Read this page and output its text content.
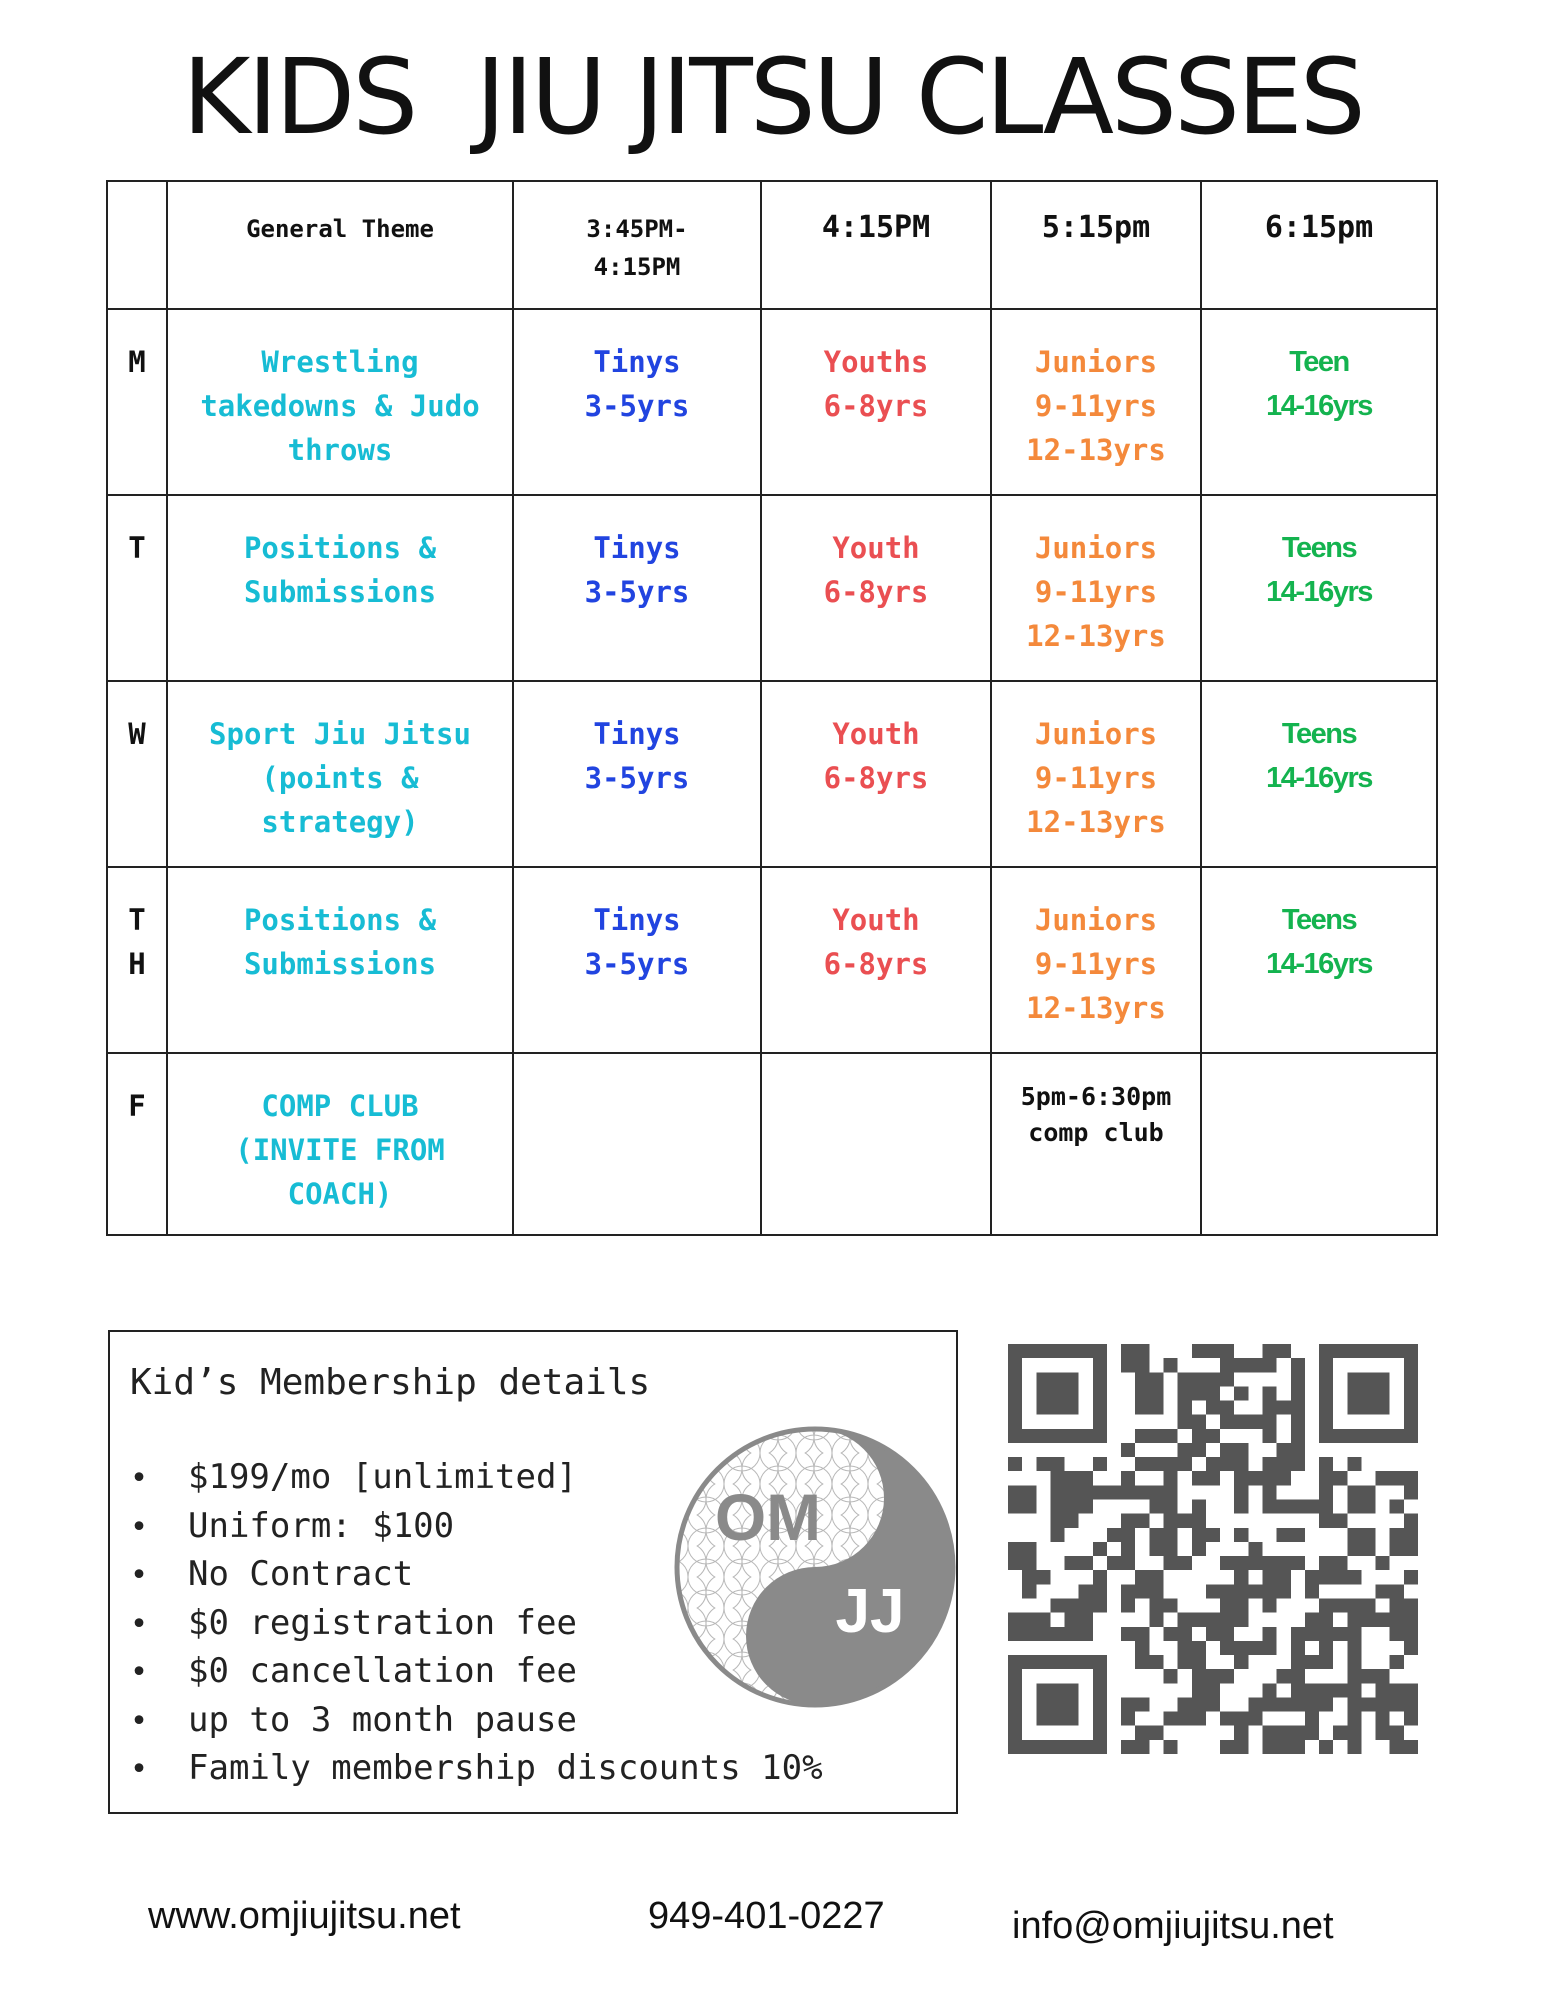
KIDS  JIU JITSU CLASSES
	General Theme	3:45PM-
4:15PM	4:15PM	5:15pm	6:15pm
M	Wrestling
takedowns & Judo
throws	Tinys
3-5yrs	Youths
6-8yrs	Juniors
9-11yrs
12-13yrs	Teen
14-16yrs

T	Positions &
Submissions	Tinys
3-5yrs	Youth
6-8yrs	Juniors
9-11yrs
12-13yrs	Teens
14-16yrs

W	Sport Jiu Jitsu
(points &
strategy)	Tinys
3-5yrs	Youth
6-8yrs	Juniors
9-11yrs
12-13yrs	Teens
14-16yrs

T
H	Positions &
Submissions	Tinys
3-5yrs	Youth
6-8yrs	Juniors
9-11yrs
12-13yrs	Teens
14-16yrs

F	COMP CLUB
(INVITE FROM
COACH)			5pm-6:30pm
comp club	

Kid’s Membership details
• $199/mo [unlimited]
• Uniform: $100
• No Contract
• $0 registration fee
• $0 cancellation fee
• up to 3 month pause
• Family membership discounts 10%
OM
JJ
www.omjiujitsu.net	949-401-0227	info@omjiujitsu.net
